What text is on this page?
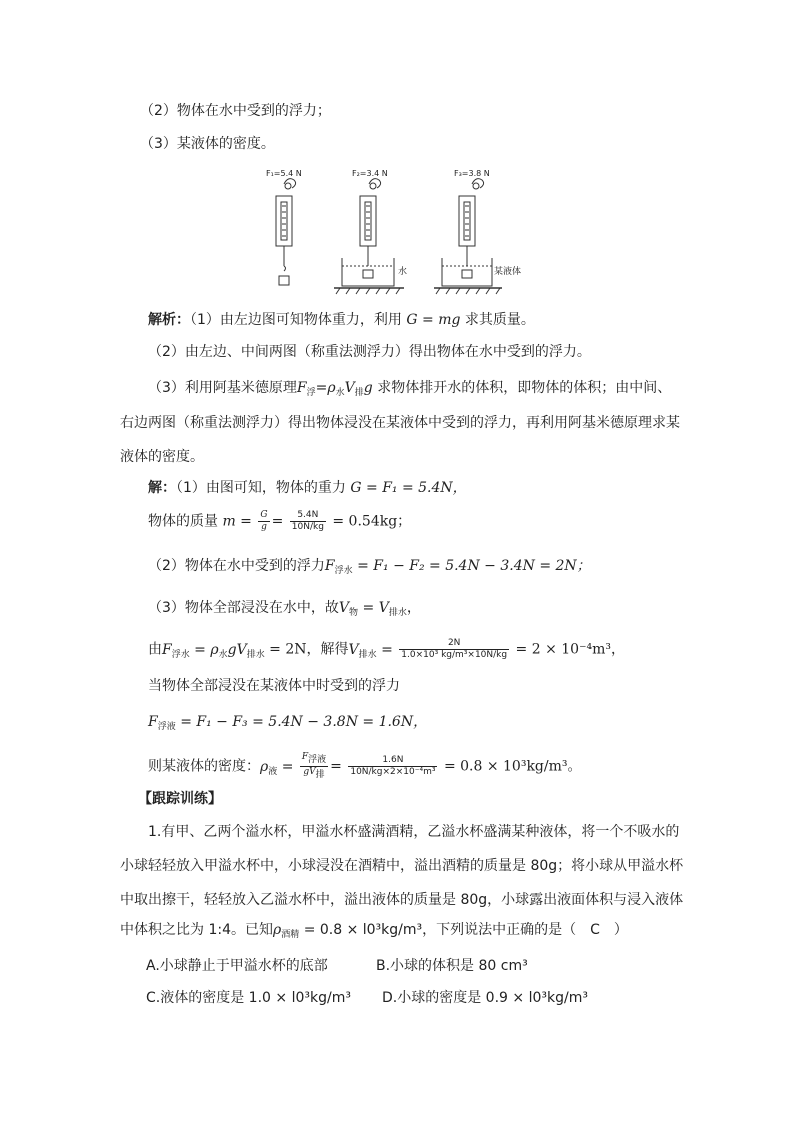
（2）物体在水中受到的浮力；
（3）某液体的密度。
F₁=5.4 N	F₂=3.4 N
水
F₃=3.8 N
某液体
解析：（1）由左边图可知物体重力，利用 G = mg 求其质量。
（2）由左边、中间两图（称重法测浮力）得出物体在水中受到的浮力。
（3）利用阿基米德原理$F_浮=\rho_水V_排g$ 求物体排开水的体积，即物体的体积；由中间、
右边两图（称重法测浮力）得出物体浸没在某液体中受到的浮力，再利用阿基米德原理求某
液体的密度。
解：（1）由图可知，物体的重力 G = F₁ = 5.4N，
物体的质量 $m = \frac{G}{g} = \frac{5.4N}{10N/kg} = 0.54kg$；
（2）物体在水中受到的浮力$F_{浮水} = F_1 - F_2 = 5.4N - 3.4N = 2N$；
（3）物体全部浸没在水中，故$V_物 = V_{排水}$，
由$F_{浮水} = \rho_水gV_{排水} = 2N$，解得$V_{排水} = \frac{2N}{\text{1.0×10³ kg/m³×10N/kg}} = 2 \times 10^{-4}m^3$，
当物体全部浸没在某液体中时受到的浮力
$F_{浮液} = F_1 - F_3 = 5.4N - 3.8N = 1.6N$，
则某液体的密度：$\rho_液 = \frac{F_{浮液}}{gV_排} = \frac{1.6N}{\text{10N/kg×2×10⁻⁴m³}} = 0.8 \times 10^3kg/m^3$。
【跟踪训练】
1.有甲、乙两个溢水杯，甲溢水杯盛满酒精，乙溢水杯盛满某种液体，将一个不吸水的
小球轻轻放入甲溢水杯中，小球浸没在酒精中，溢出酒精的质量是 80g；将小球从甲溢水杯
中取出擦干，轻轻放入乙溢水杯中，溢出液体的质量是 80g，小球露出液面体积与浸入液体
中体积之比为 1:4。已知$\rho_{酒精} = 0.8 \times l0^3kg/m^3$，下列说法中正确的是（　C　）
A.小球静止于甲溢水杯的底部	B.小球的体积是 80 cm³
C.液体的密度是 1.0 × l0³kg/m³ D.小球的密度是 0.9 × l0³kg/m³
